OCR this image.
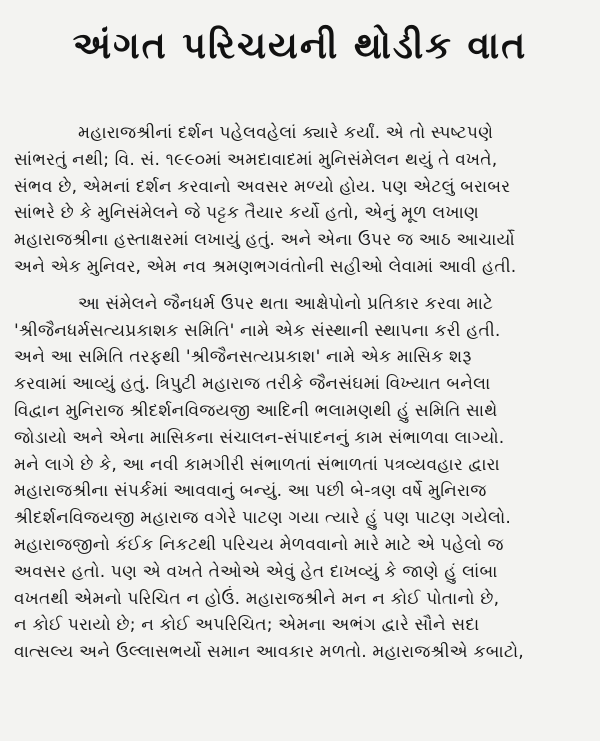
અંગત પરિચયની થોડીક વાત
મહારાજશ્રીનાં દર્શન પહેલવહેલાં ક્યારે કર્યાં. એ તો સ્પષ્ટપણે
સાંભરતું નથી; વિ. સં. ૧૯૯૦માં અમદાવાદમાં મુનિસંમેલન થયું તે વખતે,
સંભવ છે, એમનાં દર્શન કરવાનો અવસર મળ્યો હોય. પણ એટલું બરાબર
સાંભરે છે કે મુનિસંમેલને જે પટ્ટક તૈયાર કર્યો હતો, એનું મૂળ લખાણ
મહારાજશ્રીના હસ્તાક્ષરમાં લખાયું હતું. અને એના ઉપર જ આઠ આચાર્યો
અને એક મુનિવર, એમ નવ શ્રમણભગવંતોની સહીઓ લેવામાં આવી હતી.
આ સંમેલને જૈનધર્મ ઉપર થતા આક્ષેપોનો પ્રતિકાર કરવા માટે
'શ્રીજૈનધર્મસત્યપ્રકાશક સમિતિ' નામે એક સંસ્થાની સ્થાપના કરી હતી.
અને આ સમિતિ તરફથી 'શ્રીજૈનસત્યપ્રકાશ' નામે એક માસિક શરૂ
કરવામાં આવ્યું હતું. ત્રિપુટી મહારાજ તરીકે જૈનસંઘમાં વિખ્યાત બનેલા
વિદ્વાન મુનિરાજ શ્રીદર્શનવિજયજી આદિની ભલામણથી હું સમિતિ સાથે
જોડાયો અને એના માસિકના સંચાલન-સંપાદનનું કામ સંભાળવા લાગ્યો.
મને લાગે છે કે, આ નવી કામગીરી સંભાળતાં સંભાળતાં પત્રવ્યવહાર દ્વારા
મહારાજશ્રીના સંપર્કમાં આવવાનું બન્યું. આ પછી બે-ત્રણ વર્ષે મુનિરાજ
શ્રીદર્શનવિજયજી મહારાજ વગેરે પાટણ ગયા ત્યારે હું પણ પાટણ ગયેલો.
મહારાજજીનો કંઈક નિકટથી પરિચય મેળવવાનો મારે માટે એ પહેલો જ
અવસર હતો. પણ એ વખતે તેઓએ એવું હેત દાખવ્યું કે જાણે હું લાંબા
વખતથી એમનો પરિચિત ન હોઉં. મહારાજશ્રીને મન ન કોઈ પોતાનો છે,
ન કોઈ પરાયો છે; ન કોઈ અપરિચિત; એમના અભંગ દ્વારે સૌને સદા
વાત્સલ્ય અને ઉલ્લાસભર્યો સમાન આવકાર મળતો. મહારાજશ્રીએ કબાટો,
